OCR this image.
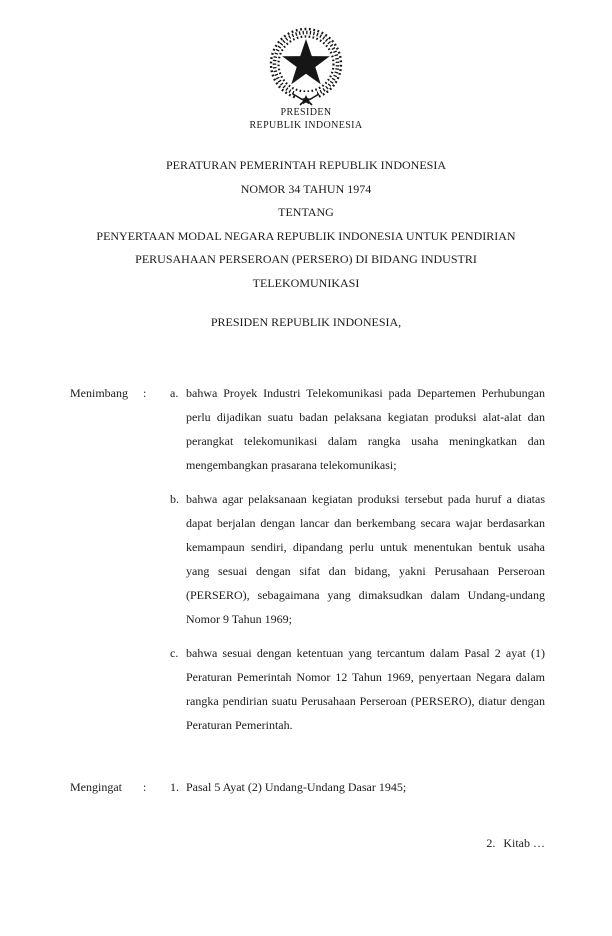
PRESIDEN
REPUBLIK INDONESIA
PERATURAN PEMERINTAH REPUBLIK INDONESIA
NOMOR 34 TAHUN 1974
TENTANG
PENYERTAAN MODAL NEGARA REPUBLIK INDONESIA UNTUK PENDIRIAN
PERUSAHAAN PERSEROAN (PERSERO) DI BIDANG INDUSTRI
TELEKOMUNIKASI
PRESIDEN REPUBLIK INDONESIA,
Menimbang	:	a. bahwa Proyek Industri Telekomunikasi pada Departemen Perhubungan perlu dijadikan suatu badan pelaksana kegiatan produksi alat-alat dan perangkat telekomunikasi dalam rangka usaha meningkatkan dan mengembangkan prasarana telekomunikasi;
b. bahwa agar pelaksanaan kegiatan produksi tersebut pada huruf a diatas dapat berjalan dengan lancar dan berkembang secara wajar berdasarkan kemampaun sendiri, dipandang perlu untuk menentukan bentuk usaha yang sesuai dengan sifat dan bidang, yakni Perusahaan Perseroan (PERSERO), sebagaimana yang dimaksudkan dalam Undang-undang Nomor 9 Tahun 1969;
c. bahwa sesuai dengan ketentuan yang tercantum dalam Pasal 2 ayat (1) Peraturan Pemerintah Nomor 12 Tahun 1969, penyertaan Negara dalam rangka pendirian suatu Perusahaan Perseroan (PERSERO), diatur dengan Peraturan Pemerintah.
Mengingat	:	1. Pasal 5 Ayat (2) Undang-Undang Dasar 1945;
2. Kitab …
